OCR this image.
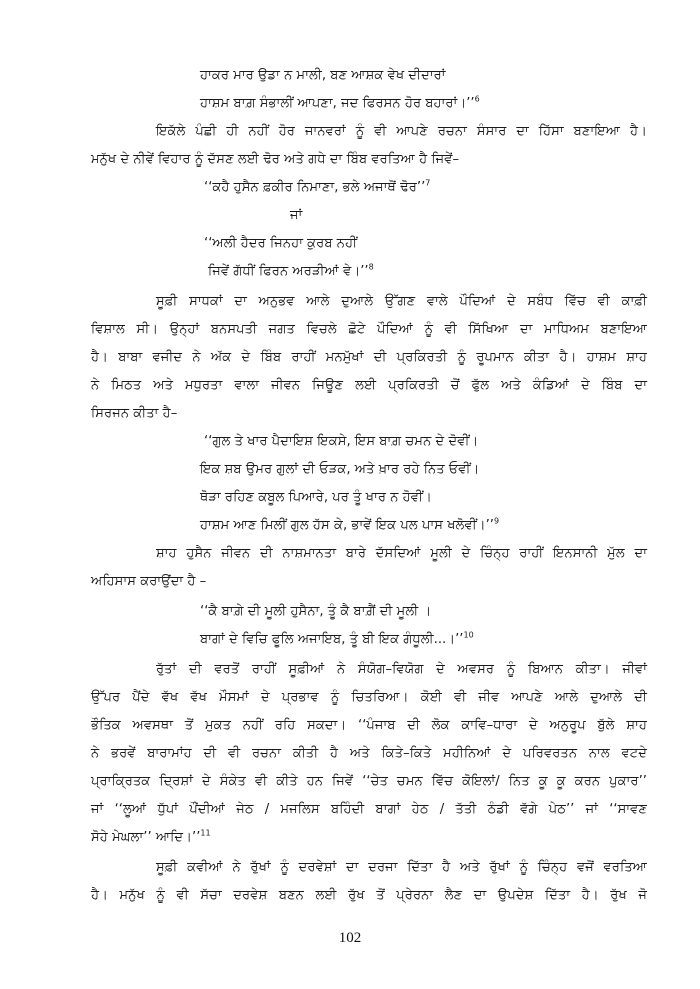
ਹਾਕਰ ਮਾਰ ਉਡਾ ਨ ਮਾਲੀ, ਬਣ ਆਸ਼ਕ ਵੇਖ ਦੀਦਾਰਾਂ
ਹਾਸ਼ਮ ਬਾਗ਼ ਸੰਭਾਲੀਂ ਆਪਣਾ, ਜਦ ਫਿਰਸਨ ਹੋਰ ਬਹਾਰਾਂ।’’$^6$
ਇਕੱਲੇ ਪੰਛੀ ਹੀ ਨਹੀਂ ਹੋਰ ਜਾਨਵਰਾਂ ਨੂੰ ਵੀ ਆਪਣੇ ਰਚਨਾ ਸੰਸਾਰ ਦਾ ਹਿੱਸਾ ਬਣਾਇਆ ਹੈ।
ਮਨੁੱਖ ਦੇ ਨੀਵੇਂ ਵਿਹਾਰ ਨੂੰ ਦੱਸਣ ਲਈ ਢੋਰ ਅਤੇ ਗਧੇ ਦਾ ਬਿੰਬ ਵਰਤਿਆ ਹੈ ਜਿਵੇਂ–
‘‘ਕਹੈ ਹੁਸੈਨ ਫ਼ਕੀਰ ਨਿਮਾਣਾ, ਭਲੇ ਅਜਾਥੋਂ ਢੋਰ’’$^7$
ਜਾਂ
‘‘ਅਲੀ ਹੈਦਰ ਜਿਨਹਾ ਕੁਰਬ ਨਹੀਂ
ਜਿਵੇਂ ਗੱਧੀਂ ਫਿਰਨ ਅਰੜੀਆਂ ਵੇ।’’$^8$
ਸੂਫ਼ੀ ਸਾਧਕਾਂ ਦਾ ਅਨੁਭਵ ਆਲੇ ਦੁਆਲੇ ਉੱਗਣ ਵਾਲੇ ਪੌਦਿਆਂ ਦੇ ਸਬੰਧ ਵਿੱਚ ਵੀ ਕਾਫ਼ੀ
ਵਿਸ਼ਾਲ ਸੀ। ਉਨ੍ਹਾਂ ਬਨਸਪਤੀ ਜਗਤ ਵਿਚਲੇ ਛੋਟੇ ਪੌਦਿਆਂ ਨੂੰ ਵੀ ਸਿੱਖਿਆ ਦਾ ਮਾਧਿਅਮ ਬਣਾਇਆ
ਹੈ। ਬਾਬਾ ਵਜੀਦ ਨੇ ਅੱਕ ਦੇ ਬਿੰਬ ਰਾਹੀਂ ਮਨਮੁੱਖਾਂ ਦੀ ਪ੍ਰਕਿਰਤੀ ਨੂੰ ਰੂਪਮਾਨ ਕੀਤਾ ਹੈ। ਹਾਸ਼ਮ ਸ਼ਾਹ
ਨੇ ਮਿਠਤ ਅਤੇ ਮਧੁਰਤਾ ਵਾਲਾ ਜੀਵਨ ਜਿਊਣ ਲਈ ਪ੍ਰਕਿਰਤੀ ਚੋਂ ਫੁੱਲ ਅਤੇ ਕੰਡਿਆਂ ਦੇ ਬਿੰਬ ਦਾ
ਸਿਰਜਨ ਕੀਤਾ ਹੈ–
‘‘ਗੁਲ ਤੇ ਖਾਰ ਪੈਦਾਇਸ਼ ਇਕਸੇ, ਇਸ ਬਾਗ਼ ਚਮਨ ਦੇ ਦੋਵੀਂ।
ਇਕ ਸ਼ਬ ਉਮਰ ਗੁਲਾਂ ਦੀ ਓੜਕ, ਅਤੇ ਖ਼ਾਰ ਰਹੇ ਨਿਤ ਓਵੀਂ।
ਥੋੜਾ ਰਹਿਣ ਕਬੂਲ ਪਿਆਰੇ, ਪਰ ਤੂੰ ਖਾਰ ਨ ਹੋਵੀਂ।
ਹਾਸ਼ਮ ਆਣ ਮਿਲੀਂ ਗੁਲ ਹੱਸ ਕੇ, ਭਾਵੇਂ ਇਕ ਪਲ ਪਾਸ ਖਲੋਵੀਂ।’’$^9$
ਸ਼ਾਹ ਹੁਸੈਨ ਜੀਵਨ ਦੀ ਨਾਸ਼ਮਾਨਤਾ ਬਾਰੇ ਦੱਸਦਿਆਂ ਮੂਲੀ ਦੇ ਚਿੰਨ੍ਹ ਰਾਹੀਂ ਇਨਸਾਨੀ ਮੁੱਲ ਦਾ
ਅਹਿਸਾਸ ਕਰਾਉਂਦਾ ਹੈ –
‘‘ਕੈ ਬਾਗ਼ੇ ਦੀ ਮੂਲੀ ਹੁਸੈਨਾ, ਤੂੰ ਕੈ ਬਾਗ਼ੈਂ ਦੀ ਮੂਲੀ ।
ਬਾਗਾਂ ਦੇ ਵਿਚਿ ਫੂਲਿ ਅਜਾਇਬ, ਤੂੰ ਬੀ ਇਕ ਗੰਧੂਲੀ...।’’$^{10}$
ਰੁੱਤਾਂ ਦੀ ਵਰਤੋਂ ਰਾਹੀਂ ਸੂਫ਼ੀਆਂ ਨੇ ਸੰਯੋਗ–ਵਿਯੋਗ ਦੇ ਅਵਸਰ ਨੂੰ ਬਿਆਨ ਕੀਤਾ। ਜੀਵਾਂ
ਉੱਪਰ ਪੈਂਦੇ ਵੱਖ ਵੱਖ ਮੌਸਮਾਂ ਦੇ ਪ੍ਰਭਾਵ ਨੂੰ ਚਿਤਰਿਆ। ਕੋਈ ਵੀ ਜੀਵ ਆਪਣੇ ਆਲੇ ਦੁਆਲੇ ਦੀ
ਭੌਤਿਕ ਅਵਸਥਾ ਤੋਂ ਮੁਕਤ ਨਹੀਂ ਰਹਿ ਸਕਦਾ। ‘‘ਪੰਜਾਬ ਦੀ ਲੋਕ ਕਾਵਿ–ਧਾਰਾ ਦੇ ਅਨੁਰੂਪ ਬੁੱਲੇ ਸ਼ਾਹ
ਨੇ ਭਰਵੇਂ ਬਾਰਾਮਾਂਹ ਦੀ ਵੀ ਰਚਨਾ ਕੀਤੀ ਹੈ ਅਤੇ ਕਿਤੇ–ਕਿਤੇ ਮਹੀਨਿਆਂ ਦੇ ਪਰਿਵਰਤਨ ਨਾਲ ਵਟਦੇ
ਪ੍ਰਾਕ੍ਰਿਤਕ ਦ੍ਰਿਸ਼ਾਂ ਦੇ ਸੰਕੇਤ ਵੀ ਕੀਤੇ ਹਨ ਜਿਵੇਂ ‘‘ਚੇਤ ਚਮਨ ਵਿੱਚ ਕੋਇਲਾਂ/ ਨਿਤ ਕੂ ਕੂ ਕਰਨ ਪੁਕਾਰ’’
ਜਾਂ ‘‘ਲੂਆਂ ਧੁੱਪਾਂ ਪੌਂਦੀਆਂ ਜੇਠ / ਮਜਲਿਸ ਬਹਿੰਦੀ ਬਾਗਾਂ ਹੇਠ / ਤੱਤੀ ਠੰਡੀ ਵੱਗੇ ਪੇਠ’’ ਜਾਂ ‘‘ਸਾਵਣ
ਸੋਹੇ ਮੇਘਲਾ’’ ਆਦਿ।’’$^{11}$
ਸੂਫ਼ੀ ਕਵੀਆਂ ਨੇ ਰੁੱਖਾਂ ਨੂੰ ਦਰਵੇਸ਼ਾਂ ਦਾ ਦਰਜਾ ਦਿੱਤਾ ਹੈ ਅਤੇ ਰੁੱਖਾਂ ਨੂੰ ਚਿੰਨ੍ਹ ਵਜੋਂ ਵਰਤਿਆ
ਹੈ। ਮਨੁੱਖ ਨੂੰ ਵੀ ਸੱਚਾ ਦਰਵੇਸ਼ ਬਣਨ ਲਈ ਰੁੱਖ ਤੋਂ ਪ੍ਰੇਰਨਾ ਲੈਣ ਦਾ ਉਪਦੇਸ਼ ਦਿੱਤਾ ਹੈ। ਰੁੱਖ ਜੋ
102
